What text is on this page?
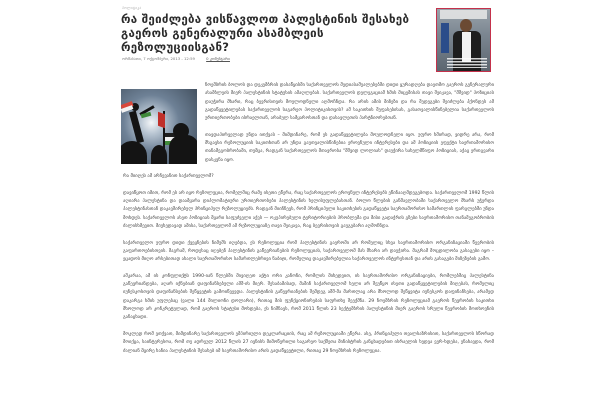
პოლიტიკა
რა შეიძლება ვისწავლოთ პალესტინის შესახებ გაეროს გენერალური ასამბლეის რეზოლუციისგან?
ორშაბათი, 7 ოქტომბერი, 2013 - 12:59	0 კომენტარი

ნოემბრის ბოლოს და დეკემბრის დასაწყისში საქართველოს მედიასაშუალებებში დიდი ყურადღება დაეთმო გაეროს გენერალური ასამბლეის მიერ პალესტინის სტატუსის ამაღლებას. საქართველოს დელეგაციამ ხმის მიცემისას თავი შეიკავა, "მშვიდ" პოზიციას დაუჭირა მხარი, რაც ბევრისთვის მოულოდნელი აღმოჩნდა. რა არის ამის მიზეზი და რა შედეგები შეიძლება ჰქონდეს ამ გადაწყვეტილებას საქართველოს საგარეო პოლიტიკისთვის? ამ საკითხის შეფასებისას, გასათვალისწინებელია საქართველოს ურთიერთობები ისრაელთან, არაბულ სამყაროსთან და დასავლეთის პარტნიორებთან.

თავდაპირველად უნდა ითქვას – მიმდინარე, რომ ეს გადაწყვეტილება მოულოდნელი იყო. უფრო ხშირად, ვიდრე არა, რომ მსგავსი რეზოლუციის საკითხთან არ უნდა გაუთვალისწინებია ეროვნული ინტერესები და ამ პოზიციის ეფექტი საერთაშორისო თანამეგობრობაში, თუმცა, რადგან საქართველოს მთავრობა "მშვიდ ლოლიას" დაუჭირა სახელმწიფო პოზიციას, აქაც ერთგვარი დასკვნა იყო.

რა მიიღეს ამ არჩევანით საქართველომ?

დავიწყოთ იმით, რომ ეს არ იყო რეზოლუცია, რომელშიც რამე ისეთი ეწერა, რაც საქართველოს ეროვნულ ინტერესებს ეწინააღმდეგებოდა. საქართველომ 1992 წლის აღიარა პალესტინა და დაამყარა დიპლომატიური ურთიერთობები პალესტინის ხელისუფლებასთან. ბოლო წლების განმავლობაში საქართველო მხარს უჭერდა პალესტინასთან დაკავშირებულ პრინციპულ რეზოლუციებს. რადგან მიიჩნევს, რომ პრინციპული საკითხების გადაწყვეტა საერთაშორისო სამართლის ფარგლებში უნდა მოხდეს. საქართველოს ასეთ პოზიციას მყარი საფუძველი აქვს — ოკუპირებული ტერიტორიების პრობლემა და მისი გადაჭრის გზები საერთაშორისო თანამეგობრობის ძალისხმევით. მიუხედავად ამისა, საქართველომ ამ რეზოლუციაზე თავი შეიკავა, რაც ბევრისთვის გაუგებარი აღმოჩნდა.

საქართველო უფრო დიდი ქვეყნების ნიმუშს იღებდა, ეს რეზოლუცია რომ პალესტინის გაეროში არ რომელიც სხვა საერთაშორისო ორგანიზაციაში წევრობის გაფართოებისთვის. მაგრამ, როდესაც იღებენ პალესტინის გაწევრიანების რეზოლუციას, საქართველომ მას მხარი არ დაუჭირა. მაგრამ მოცდილობა გასაგები იყო – ეცადოს მიღო არსებითად ახალი საერთაშორისო სამართლებრივი ნაბიჯი, რომელიც დაკავშირებულია საქართველოს ინტერესთან და არის გასაგები მიზეზების გამო.

აშკარაა, ამ ის კონფლიქტს 1990-იან წლებში მივიღეთ აქტი ორი კანონი, რომლის მიხედვით, ის საერთაშორისო ორგანიზაციები, რომლებშიც პალესტინა გაწევრიანდება, აღარ იქნებიან დაფინანსებული აშშ-ის მიერ. შესაბამისად, მაშინ საქართველომ ხელი არ შეუწყო ისეთი გადაწყვეტილების მიღებას, რომელიც იუნესკოსთვის დაფინანსების შეწყვეტის გამოიწვევდა. პალესტინის გაწევრიანების შემდეგ აშშ-მა მართლაც არა მხოლოდ შეწყვიტა იუნესკოს დაფინანსება, არამედ დაკარგა ხმის უფლებაც (ვალი 144 მილიონი დოლარი), რითაც მის ფუნქციონირებას საფრთხე შეექმნა. 29 ნოემბრის რეზოლუციამ გაეროს წევრობის საკითხი მხოლოდ არ კონკრეტულად, რომ გაეროს სტატუსი მოხდება, ეს ნიშნავს, რომ 2011 წლის 23 სექტემბრის პალესტინის მიერ გაეროს სრული წევრობის მოთხოვნის განაცხადი.

მოკლედ რომ ვთქვათ, მიმდინარე საქართველოს ემპირიული დეკლარაციის, რაც ამ რეზოლუციაში ეწერა. ასე, პრინციპული თვალსაზრისით, საქართველოს სწორად მოიქცა, საინტერესოა, რომ თუ ადრეულ 2012 წლის 27 ივნისს მიმოწერილი საგარეო საქმეთა მინისტრის განცხადებით ისრაელის ხედვა ვერ-ხდება, ენახავდა, რომ ძალიან მცირე ხანია პალესტინის შესახებ იმ საერთაშორისო არის გადაწყვეტილი, რითაც 29 ნოემბრის რეზოლუცია.
